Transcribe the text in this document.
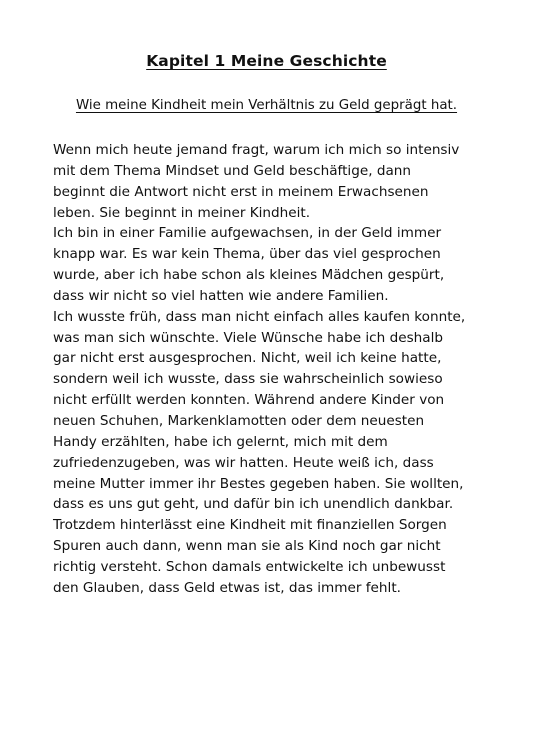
Kapitel 1 Meine Geschichte
Wie meine Kindheit mein Verhältnis zu Geld geprägt hat.
Wenn mich heute jemand fragt, warum ich mich so intensiv
mit dem Thema Mindset und Geld beschäftige, dann
beginnt die Antwort nicht erst in meinem Erwachsenen
leben. Sie beginnt in meiner Kindheit.
Ich bin in einer Familie aufgewachsen, in der Geld immer
knapp war. Es war kein Thema, über das viel gesprochen
wurde, aber ich habe schon als kleines Mädchen gespürt,
dass wir nicht so viel hatten wie andere Familien.
Ich wusste früh, dass man nicht einfach alles kaufen konnte,
was man sich wünschte. Viele Wünsche habe ich deshalb
gar nicht erst ausgesprochen. Nicht, weil ich keine hatte,
sondern weil ich wusste, dass sie wahrscheinlich sowieso
nicht erfüllt werden konnten. Während andere Kinder von
neuen Schuhen, Markenklamotten oder dem neuesten
Handy erzählten, habe ich gelernt, mich mit dem
zufriedenzugeben, was wir hatten. Heute weiß ich, dass
meine Mutter immer ihr Bestes gegeben haben. Sie wollten,
dass es uns gut geht, und dafür bin ich unendlich dankbar.
Trotzdem hinterlässt eine Kindheit mit finanziellen Sorgen
Spuren auch dann, wenn man sie als Kind noch gar nicht
richtig versteht. Schon damals entwickelte ich unbewusst
den Glauben, dass Geld etwas ist, das immer fehlt.
